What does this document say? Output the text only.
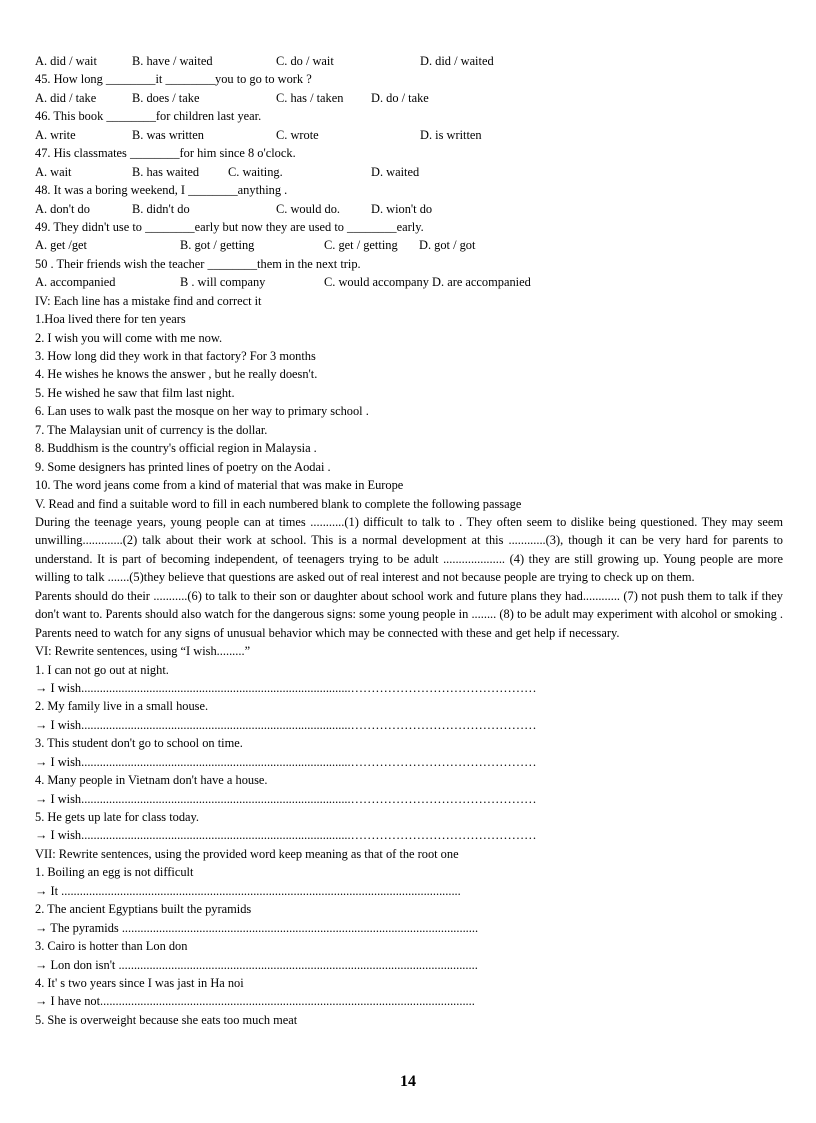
A. did / wait	B. have / waited	C. do / wait	D. did / waited
45. How long ________it ________you to go to work ?
A. did / take	B. does / take	C. has / taken D. do / take
46. This book ________for children last year.
A. write	B. was written	C. wrote	D. is written
47. His classmates ________for him since 8 o'clock.
A. wait	B. has waited C. waiting.	D. waited
48. It was a boring weekend, I ________anything .
A. don't do	B. didn't do	C. would do. D. wion't do
49. They didn't use to ________early but now they are used to ________early.
A. get /get	B. got / getting	C. get / getting D. got / got
50 . Their friends wish the teacher ________them in the next trip.
A. accompanied	B . will company	C. would accompany D. are accompanied
IV: Each line has a mistake find and correct it
1.Hoa lived there for ten years
2. I wish you will come with me now.
3. How long did they work in that factory? For 3 months
4. He wishes he knows the answer , but he really doesn't.
5. He wished he saw that film last night.
6. Lan uses to walk past the mosque on her way to primary school .
7. The Malaysian unit of currency is the dollar.
8. Buddhism is the country's official region in Malaysia .
9. Some designers has printed lines of poetry on the Aodai .
10. The word jeans come from a kind of material that was make in Europe
V. Read and find a suitable word to fill in each numbered blank to complete the following passage
During the teenage years, young people can at times ...........(1) difficult to talk to . They often seem to dislike being questioned. They may seem unwilling.............(2) talk about their work at school. This is a normal development at this ............(3), though it can be very hard for parents to understand. It is part of becoming independent, of teenagers trying to be adult .................... (4) they are still growing up. Young people are more willing to talk .......(5)they believe that questions are asked out of real interest and not because people are trying to check up on them.
Parents should do their ...........(6) to talk to their son or daughter about school work and future plans they had............ (7) not push them to talk if they don't want to. Parents should also watch for the dangerous signs: some young people in ........ (8) to be adult may experiment with alcohol or smoking . Parents need to watch for any signs of unusual behavior which may be connected with these and get help if necessary.
VI: Rewrite sentences, using “I wish.........”
1. I can not go out at night.
→ I wish.......................................................................................………………………………………
2. My family live in a small house.
→ I wish.......................................................................................………………………………………
3. This student don't go to school on time.
→ I wish.......................................................................................………………………………………
4. Many people in Vietnam don't have a house.
→ I wish.......................................................................................………………………………………
5. He gets up late for class today.
→ I wish.......................................................................................………………………………………
VII: Rewrite sentences, using the provided word keep meaning as that of the root one
1. Boiling an egg is not difficult
→ It .................................................................................................................................
2. The ancient Egyptians built the pyramids
→ The pyramids ...................................................................................................................
3. Cairo is hotter than Lon don
→ Lon don isn't ....................................................................................................................
4. It' s two years since I was jast in Ha noi
→ I have not.........................................................................................................................
5. She is overweight because she eats too much meat
14
